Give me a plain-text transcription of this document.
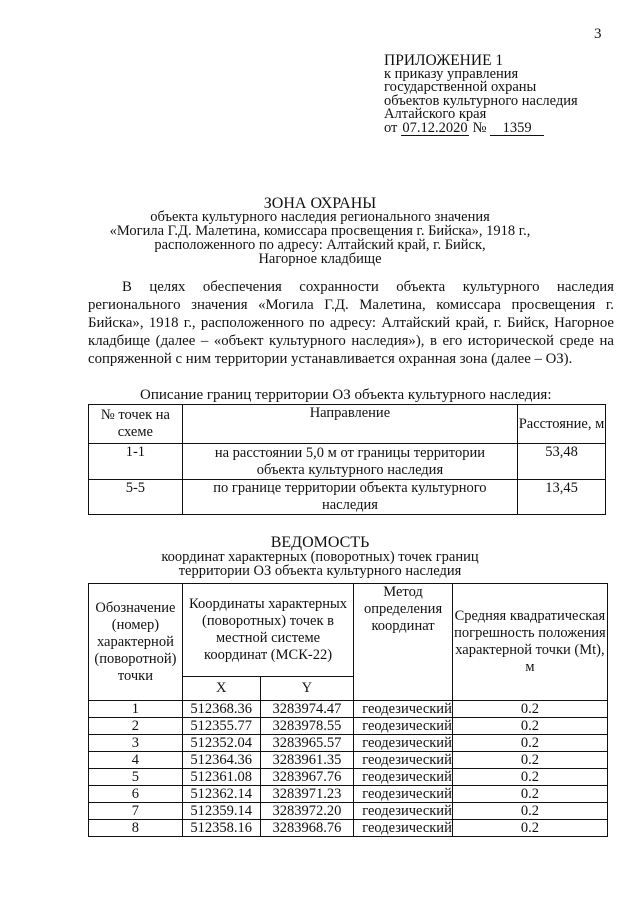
3
ПРИЛОЖЕНИЕ 1
к приказу управления
государственной охраны
объектов культурного наследия
Алтайского края
от 07.12.2020 № 1359
ЗОНА ОХРАНЫ
объекта культурного наследия регионального значения
«Могила Г.Д. Малетина, комиссара просвещения г. Бийска», 1918 г.,
расположенного по адресу: Алтайский край, г. Бийск,
Нагорное кладбище

В целях обеспечения сохранности объекта культурного наследия регионального значения «Могила Г.Д. Малетина, комиссара просвещения г. Бийска», 1918 г., расположенного по адресу: Алтайский край, г. Бийск, Нагорное кладбище (далее – «объект культурного наследия»), в его исторической среде на сопряженной с ним территории устанавливается охранная зона (далее – ОЗ).

Описание границ территории ОЗ объекта культурного наследия:
№ точек на схеме	Направление	Расстояние, м
1-1	на расстоянии 5,0 м от границы территории объекта культурного наследия	53,48
5-5	по границе территории объекта культурного наследия	13,45
ВЕДОМОСТЬ
координат характерных (поворотных) точек границ
территории ОЗ объекта культурного наследия
Обозначение (номер) характерной (поворотной) точки	Координаты характерных (поворотных) точек в местной системе координат (МСК-22)		Метод определения координат	Средняя квадратическая погрешность положения характерной точки (Mt), м
	X	Y		
1	512368.36	3283974.47	геодезический	0.2
2	512355.77	3283978.55	геодезический	0.2
3	512352.04	3283965.57	геодезический	0.2
4	512364.36	3283961.35	геодезический	0.2
5	512361.08	3283967.76	геодезический	0.2
6	512362.14	3283971.23	геодезический	0.2
7	512359.14	3283972.20	геодезический	0.2
8	512358.16	3283968.76	геодезический	0.2
